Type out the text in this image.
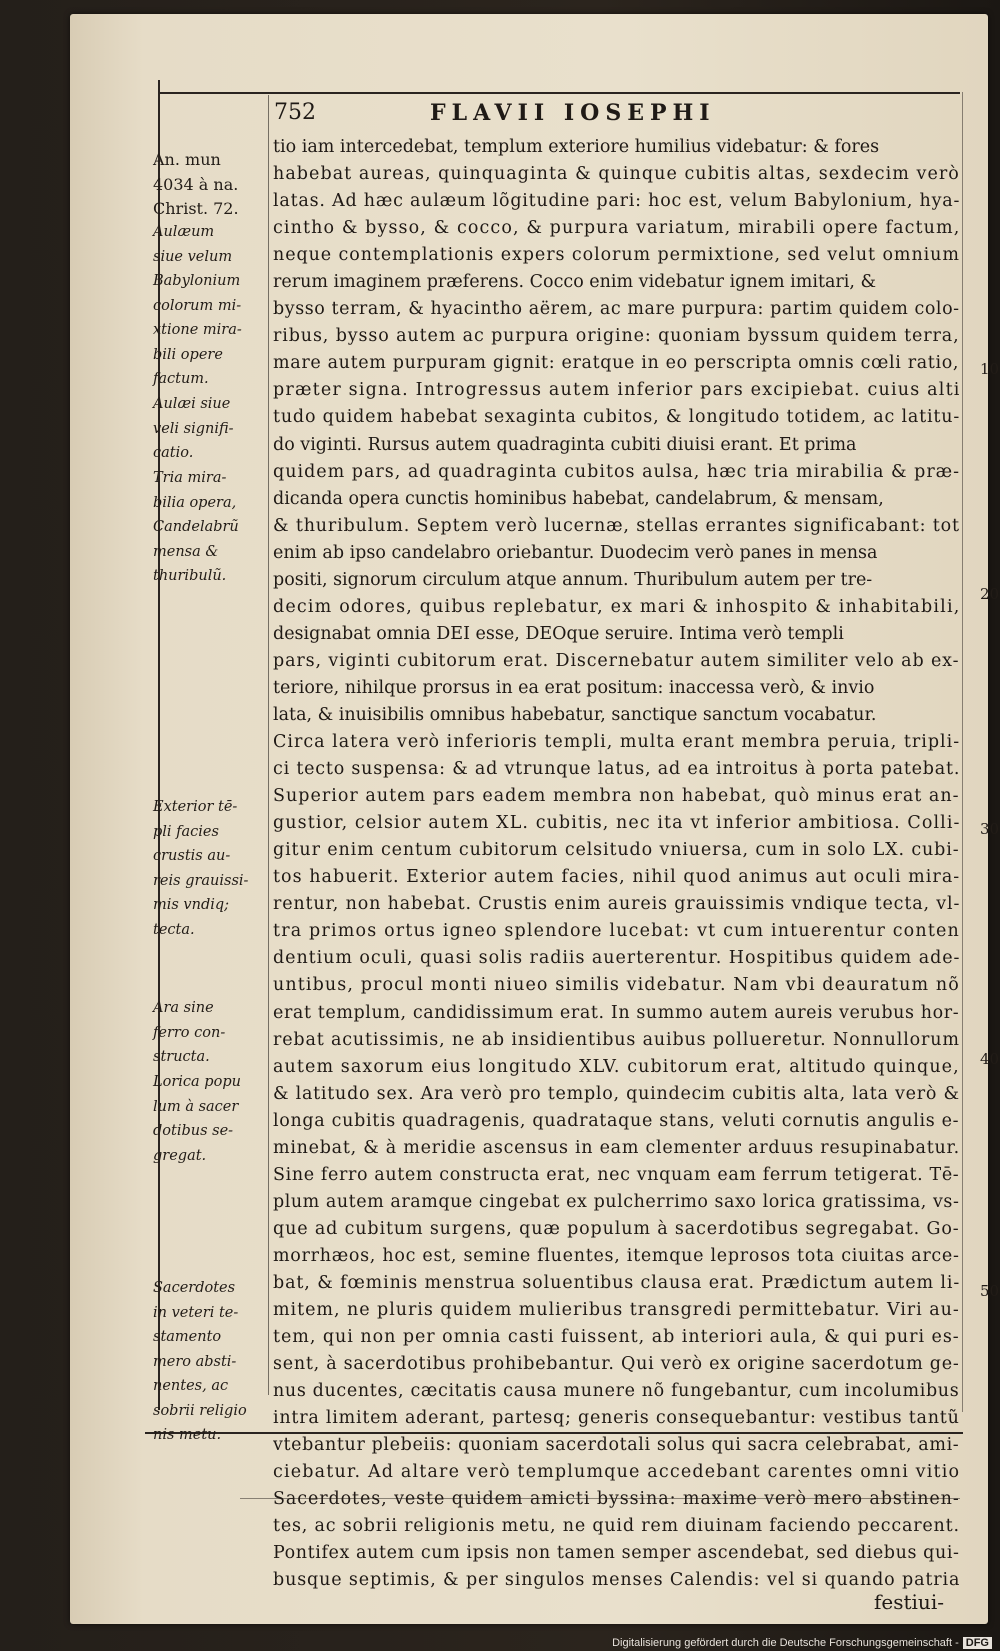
752	FLAVII IOSEPHI
An. mun
4034 à na.
Christ. 72.
Aulæum
siue velum
Babylonium
colorum mi-
xtione mira-
bili opere
factum.
Aulæi siue
veli signifi-
catio.
Tria mira-
bilia opera,
Candelabrũ
mensa &
thuribulũ.
Exterior tē-
pli facies
crustis au-
reis grauissi-
mis vndiq;
tecta.
Ara sine
ferro con-
structa.
Lorica popu
lum à sacer
dotibus se-
gregat.
Sacerdotes
in veteri te-
stamento
mero absti-
nentes, ac
sobrii religio
nis metu.
tio iam intercedebat, templum exteriore humilius videbatur: & fores
habebat aureas, quinquaginta & quinque cubitis altas, sexdecim verò
latas. Ad hæc aulæum lõgitudine pari: hoc est, velum Babylonium, hya-
cintho & bysso, & cocco, & purpura variatum, mirabili opere factum,
neque contemplationis expers colorum permixtione, sed velut omnium
rerum imaginem præferens. Cocco enim videbatur ignem imitari, &
bysso terram, & hyacintho aërem, ac mare purpura: partim quidem colo-
ribus, bysso autem ac purpura origine: quoniam byssum quidem terra,
mare autem purpuram gignit: eratque in eo perscripta omnis cœli ratio,
præter signa. Introgressus autem inferior pars excipiebat. cuius alti
tudo quidem habebat sexaginta cubitos, & longitudo totidem, ac latitu-
do viginti. Rursus autem quadraginta cubiti diuisi erant. Et prima
quidem pars, ad quadraginta cubitos aulsa, hæc tria mirabilia & præ-
dicanda opera cunctis hominibus habebat, candelabrum, & mensam,
& thuribulum. Septem verò lucernæ, stellas errantes significabant: tot
enim ab ipso candelabro oriebantur. Duodecim verò panes in mensa
positi, signorum circulum atque annum. Thuribulum autem per tre-
decim odores, quibus replebatur, ex mari & inhospito & inhabitabili,
designabat omnia DEI esse, DEOque seruire. Intima verò templi
pars, viginti cubitorum erat. Discernebatur autem similiter velo ab ex-
teriore, nihilque prorsus in ea erat positum: inaccessa verò, & invio
lata, & inuisibilis omnibus habebatur, sanctique sanctum vocabatur.
Circa latera verò inferioris templi, multa erant membra peruia, tripli-
ci tecto suspensa: & ad vtrunque latus, ad ea introitus à porta patebat.
Superior autem pars eadem membra non habebat, quò minus erat an-
gustior, celsior autem XL. cubitis, nec ita vt inferior ambitiosa. Colli-
gitur enim centum cubitorum celsitudo vniuersa, cum in solo LX. cubi-
tos habuerit. Exterior autem facies, nihil quod animus aut oculi mira-
rentur, non habebat. Crustis enim aureis grauissimis vndique tecta, vl-
tra primos ortus igneo splendore lucebat: vt cum intuerentur conten
dentium oculi, quasi solis radiis auerterentur. Hospitibus quidem ade-
untibus, procul monti niueo similis videbatur. Nam vbi deauratum nõ
erat templum, candidissimum erat. In summo autem aureis verubus hor-
rebat acutissimis, ne ab insidientibus auibus pollueretur. Nonnullorum
autem saxorum eius longitudo XLV. cubitorum erat, altitudo quinque,
& latitudo sex. Ara verò pro templo, quindecim cubitis alta, lata verò &
longa cubitis quadragenis, quadrataque stans, veluti cornutis angulis e-
minebat, & à meridie ascensus in eam clementer arduus resupinabatur.
Sine ferro autem constructa erat, nec vnquam eam ferrum tetigerat. Tē-
plum autem aramque cingebat ex pulcherrimo saxo lorica gratissima, vs-
que ad cubitum surgens, quæ populum à sacerdotibus segregabat. Go-
morrhæos, hoc est, semine fluentes, itemque leprosos tota ciuitas arce-
bat, & fœminis menstrua soluentibus clausa erat. Prædictum autem li-
mitem, ne pluris quidem mulieribus transgredi permittebatur. Viri au-
tem, qui non per omnia casti fuissent, ab interiori aula, & qui puri es-
sent, à sacerdotibus prohibebantur. Qui verò ex origine sacerdotum ge-
nus ducentes, cæcitatis causa munere nõ fungebantur, cum incolumibus
intra limitem aderant, partesq; generis consequebantur: vestibus tantũ
vtebantur plebeiis: quoniam sacerdotali solus qui sacra celebrabat, ami-
ciebatur. Ad altare verò templumque accedebant carentes omni vitio
Sacerdotes, veste quidem amicti byssina: maxime verò mero abstinen-
tes, ac sobrii religionis metu, ne quid rem diuinam faciendo peccarent.
Pontifex autem cum ipsis non tamen semper ascendebat, sed diebus qui-
busque septimis, & per singulos menses Calendis: vel si quando patria
10
20
30
40
50
festiui-
Digitalisierung gefördert durch die Deutsche Forschungsgemeinschaft - DFG
